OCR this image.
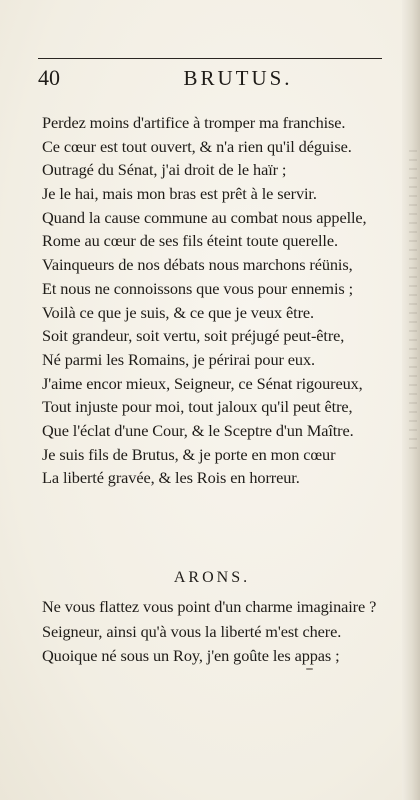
40	BRUTUS.
Perdez moins d'artifice à tromper ma franchise.
Ce cœur est tout ouvert, & n'a rien qu'il déguise.
Outragé du Sénat, j'ai droit de le haïr ;
Je le hai, mais mon bras est prêt à le servir.
Quand la cause commune au combat nous appelle,
Rome au cœur de ses fils éteint toute querelle.
Vainqueurs de nos débats nous marchons réünis,
Et nous ne connoissons que vous pour ennemis ;
Voilà ce que je suis, & ce que je veux être.
Soit grandeur, soit vertu, soit préjugé peut-être,
Né parmi les Romains, je périrai pour eux.
J'aime encor mieux, Seigneur, ce Sénat rigoureux,
Tout injuste pour moi, tout jaloux qu'il peut être,
Que l'éclat d'une Cour, & le Sceptre d'un Maître.
Je suis fils de Brutus, & je porte en mon cœur
La liberté gravée, & les Rois en horreur.
ARONS.
Ne vous flattez vous point d'un charme imaginaire ?
Seigneur, ainsi qu'à vous la liberté m'est chere.
Quoique né sous un Roy, j'en goûte les appas ;
